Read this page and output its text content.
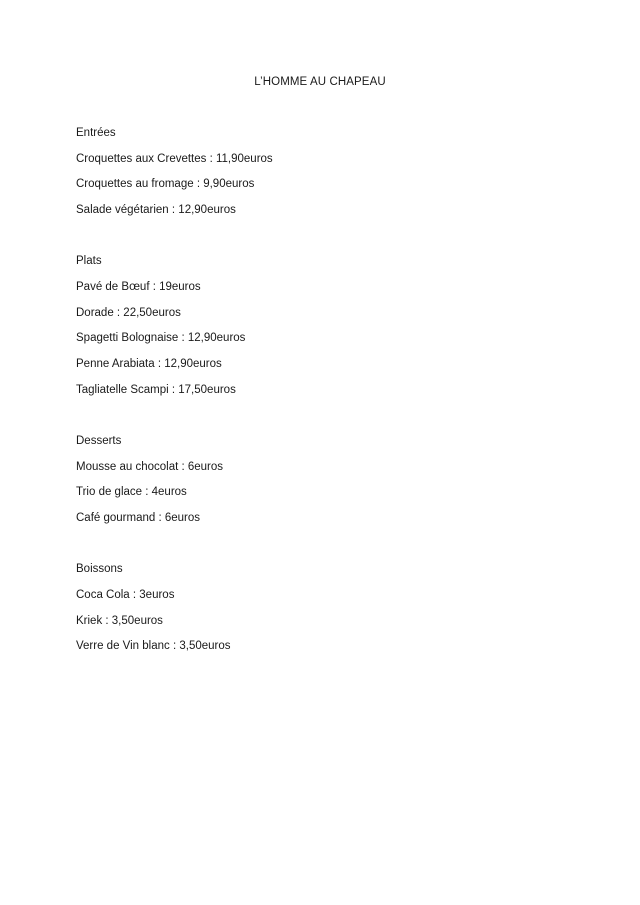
L’HOMME AU CHAPEAU
Entrées
Croquettes aux Crevettes : 11,90euros
Croquettes au fromage : 9,90euros
Salade végétarien : 12,90euros
Plats
Pavé de Bœuf : 19euros
Dorade : 22,50euros
Spagetti Bolognaise : 12,90euros
Penne Arabiata : 12,90euros
Tagliatelle Scampi : 17,50euros
Desserts
Mousse au chocolat : 6euros
Trio de glace : 4euros
Café gourmand : 6euros
Boissons
Coca Cola : 3euros
Kriek : 3,50euros
Verre de Vin blanc : 3,50euros
